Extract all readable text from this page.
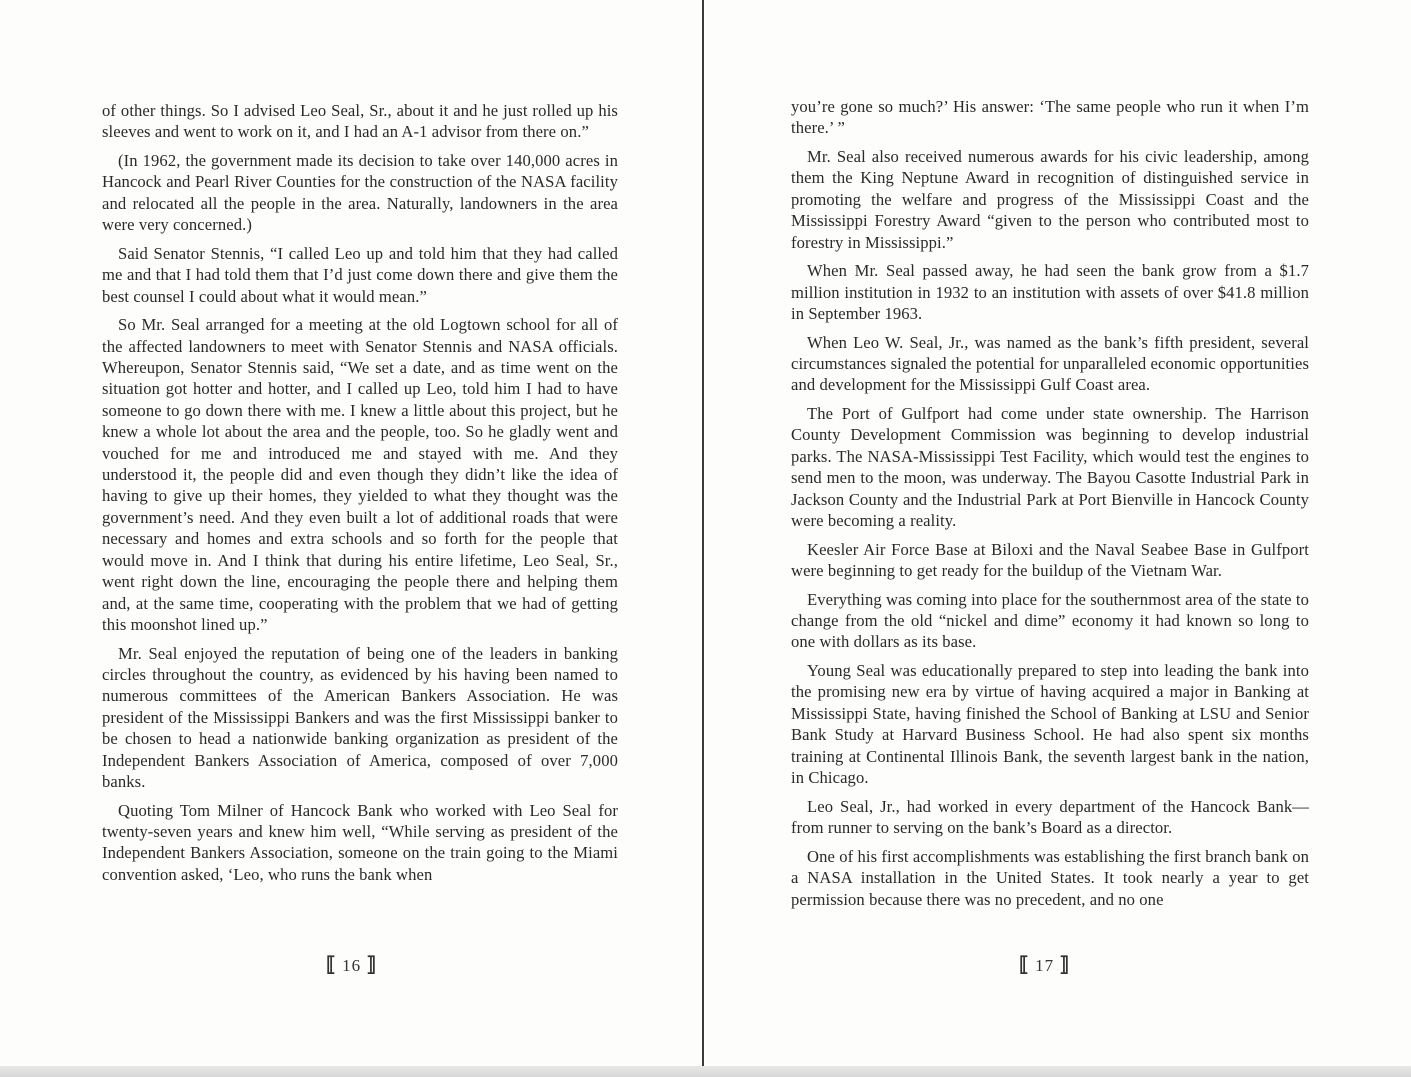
of other things. So I advised Leo Seal, Sr., about it and he just rolled up his sleeves and went to work on it, and I had an A-1 advisor from there on.”

(In 1962, the government made its decision to take over 140,000 acres in Hancock and Pearl River Counties for the construction of the NASA facility and relocated all the people in the area. Naturally, landowners in the area were very concerned.)

Said Senator Stennis, “I called Leo up and told him that they had called me and that I had told them that I’d just come down there and give them the best counsel I could about what it would mean.”

So Mr. Seal arranged for a meeting at the old Logtown school for all of the affected landowners to meet with Senator Stennis and NASA officials. Whereupon, Senator Stennis said, “We set a date, and as time went on the situation got hotter and hotter, and I called up Leo, told him I had to have someone to go down there with me. I knew a little about this project, but he knew a whole lot about the area and the people, too. So he gladly went and vouched for me and introduced me and stayed with me. And they understood it, the people did and even though they didn’t like the idea of having to give up their homes, they yielded to what they thought was the government’s need. And they even built a lot of additional roads that were necessary and homes and extra schools and so forth for the people that would move in. And I think that during his entire lifetime, Leo Seal, Sr., went right down the line, encouraging the people there and helping them and, at the same time, cooperating with the problem that we had of getting this moonshot lined up.”

Mr. Seal enjoyed the reputation of being one of the leaders in banking circles throughout the country, as evidenced by his having been named to numerous committees of the American Bankers Association. He was president of the Mississippi Bankers and was the first Mississippi banker to be chosen to head a nationwide banking organization as president of the Independent Bankers Association of America, composed of over 7,000 banks.

Quoting Tom Milner of Hancock Bank who worked with Leo Seal for twenty-seven years and knew him well, “While serving as president of the Independent Bankers Association, someone on the train going to the Miami convention asked, ‘Leo, who runs the bank when

⟦ 16 ⟧

you’re gone so much?’ His answer: ‘The same people who run it when I’m there.’ ”

Mr. Seal also received numerous awards for his civic leadership, among them the King Neptune Award in recognition of distinguished service in promoting the welfare and progress of the Mississippi Coast and the Mississippi Forestry Award “given to the person who contributed most to forestry in Mississippi.”

When Mr. Seal passed away, he had seen the bank grow from a $1.7 million institution in 1932 to an institution with assets of over $41.8 million in September 1963.

When Leo W. Seal, Jr., was named as the bank’s fifth president, several circumstances signaled the potential for unparalleled economic opportunities and development for the Mississippi Gulf Coast area.

The Port of Gulfport had come under state ownership. The Harrison County Development Commission was beginning to develop industrial parks. The NASA-Mississippi Test Facility, which would test the engines to send men to the moon, was underway. The Bayou Casotte Industrial Park in Jackson County and the Industrial Park at Port Bienville in Hancock County were becoming a reality.

Keesler Air Force Base at Biloxi and the Naval Seabee Base in Gulfport were beginning to get ready for the buildup of the Vietnam War.

Everything was coming into place for the southernmost area of the state to change from the old “nickel and dime” economy it had known so long to one with dollars as its base.

Young Seal was educationally prepared to step into leading the bank into the promising new era by virtue of having acquired a major in Banking at Mississippi State, having finished the School of Banking at LSU and Senior Bank Study at Harvard Business School. He had also spent six months training at Continental Illinois Bank, the seventh largest bank in the nation, in Chicago.

Leo Seal, Jr., had worked in every department of the Hancock Bank—from runner to serving on the bank’s Board as a director.

One of his first accomplishments was establishing the first branch bank on a NASA installation in the United States. It took nearly a year to get permission because there was no precedent, and no one

⟦ 17 ⟧
